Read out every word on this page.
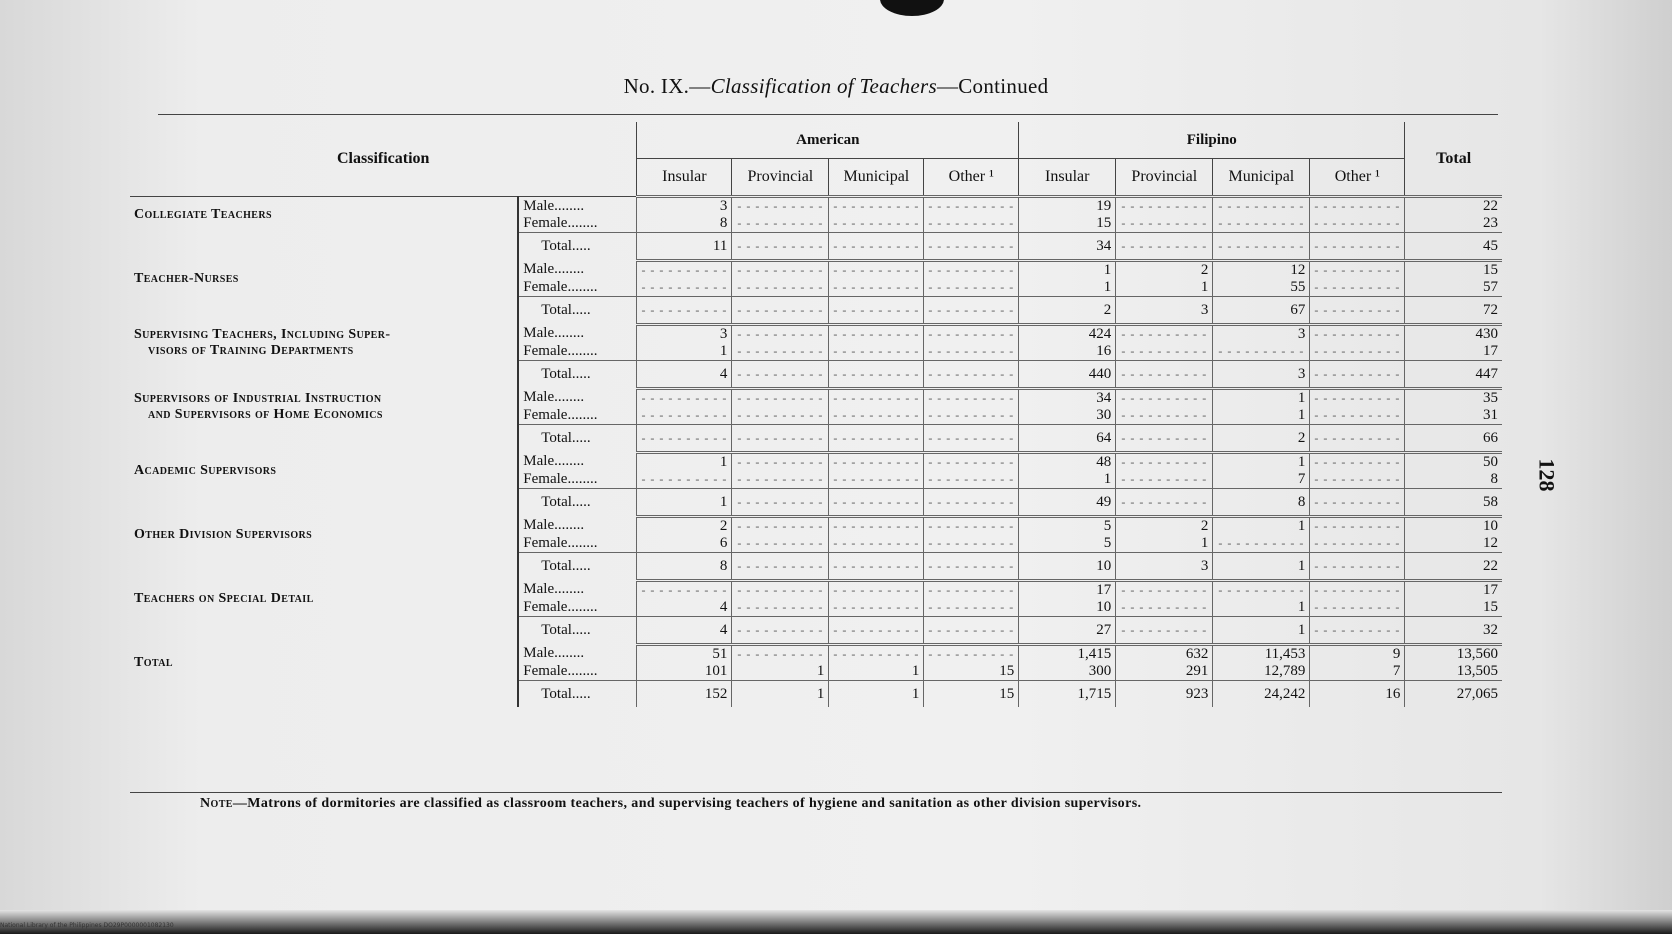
No. IX.—Classification of Teachers—Continued
128
Classification		American				Filipino				Total
		Insular	Provincial	Municipal	Other ¹	Insular	Provincial	Municipal	Other ¹	

Collegiate Teachers	Male........	3	- - - - - - - - - -	- - - - - - - - - -	- - - - - - - - - -	19	- - - - - - - - - -	- - - - - - - - - -	- - - - - - - - - -	22
	Female........	8	- - - - - - - - - -	- - - - - - - - - -	- - - - - - - - - -	15	- - - - - - - - - -	- - - - - - - - - -	- - - - - - - - - -	23
	Total.....	11	- - - - - - - - - -	- - - - - - - - - -	- - - - - - - - - -	34	- - - - - - - - - -	- - - - - - - - - -	- - - - - - - - - -	45

Teacher-Nurses	Male........	- - - - - - - - - -	- - - - - - - - - -	- - - - - - - - - -	- - - - - - - - - -	1	2	12	- - - - - - - - - -	15
	Female........	- - - - - - - - - -	- - - - - - - - - -	- - - - - - - - - -	- - - - - - - - - -	1	1	55	- - - - - - - - - -	57
	Total.....	- - - - - - - - - -	- - - - - - - - - -	- - - - - - - - - -	- - - - - - - - - -	2	3	67	- - - - - - - - - -	72

Supervising Teachers, Including Super-
visors of Training Departments	Male........	3	- - - - - - - - - -	- - - - - - - - - -	- - - - - - - - - -	424	- - - - - - - - - -	3	- - - - - - - - - -	430
	Female........	1	- - - - - - - - - -	- - - - - - - - - -	- - - - - - - - - -	16	- - - - - - - - - -	- - - - - - - - - -	- - - - - - - - - -	17
	Total.....	4	- - - - - - - - - -	- - - - - - - - - -	- - - - - - - - - -	440	- - - - - - - - - -	3	- - - - - - - - - -	447

Supervisors of Industrial Instruction
and Supervisors of Home Economics	Male........	- - - - - - - - - -	- - - - - - - - - -	- - - - - - - - - -	- - - - - - - - - -	34	- - - - - - - - - -	1	- - - - - - - - - -	35
	Female........	- - - - - - - - - -	- - - - - - - - - -	- - - - - - - - - -	- - - - - - - - - -	30	- - - - - - - - - -	1	- - - - - - - - - -	31
	Total.....	- - - - - - - - - -	- - - - - - - - - -	- - - - - - - - - -	- - - - - - - - - -	64	- - - - - - - - - -	2	- - - - - - - - - -	66

Academic Supervisors	Male........	1	- - - - - - - - - -	- - - - - - - - - -	- - - - - - - - - -	48	- - - - - - - - - -	1	- - - - - - - - - -	50
	Female........	- - - - - - - - - -	- - - - - - - - - -	- - - - - - - - - -	- - - - - - - - - -	1	- - - - - - - - - -	7	- - - - - - - - - -	8
	Total.....	1	- - - - - - - - - -	- - - - - - - - - -	- - - - - - - - - -	49	- - - - - - - - - -	8	- - - - - - - - - -	58

Other Division Supervisors	Male........	2	- - - - - - - - - -	- - - - - - - - - -	- - - - - - - - - -	5	2	1	- - - - - - - - - -	10
	Female........	6	- - - - - - - - - -	- - - - - - - - - -	- - - - - - - - - -	5	1	- - - - - - - - - -	- - - - - - - - - -	12
	Total.....	8	- - - - - - - - - -	- - - - - - - - - -	- - - - - - - - - -	10	3	1	- - - - - - - - - -	22

Teachers on Special Detail	Male........	- - - - - - - - - -	- - - - - - - - - -	- - - - - - - - - -	- - - - - - - - - -	17	- - - - - - - - - -	- - - - - - - - - -	- - - - - - - - - -	17
	Female........	4	- - - - - - - - - -	- - - - - - - - - -	- - - - - - - - - -	10	- - - - - - - - - -	1	- - - - - - - - - -	15
	Total.....	4	- - - - - - - - - -	- - - - - - - - - -	- - - - - - - - - -	27	- - - - - - - - - -	1	- - - - - - - - - -	32

Total	Male........	51	- - - - - - - - - -	- - - - - - - - - -	- - - - - - - - - -	1,415	632	11,453	9	13,560
	Female........	101	1	1	15	300	291	12,789	7	13,505
	Total.....	152	1	1	15	1,715	923	24,242	16	27,065
Note—Matrons of dormitories are classified as classroom teachers, and supervising teachers of hygiene and sanitation as other division supervisors.
National Library of the Philippines DO29P0000001082130
